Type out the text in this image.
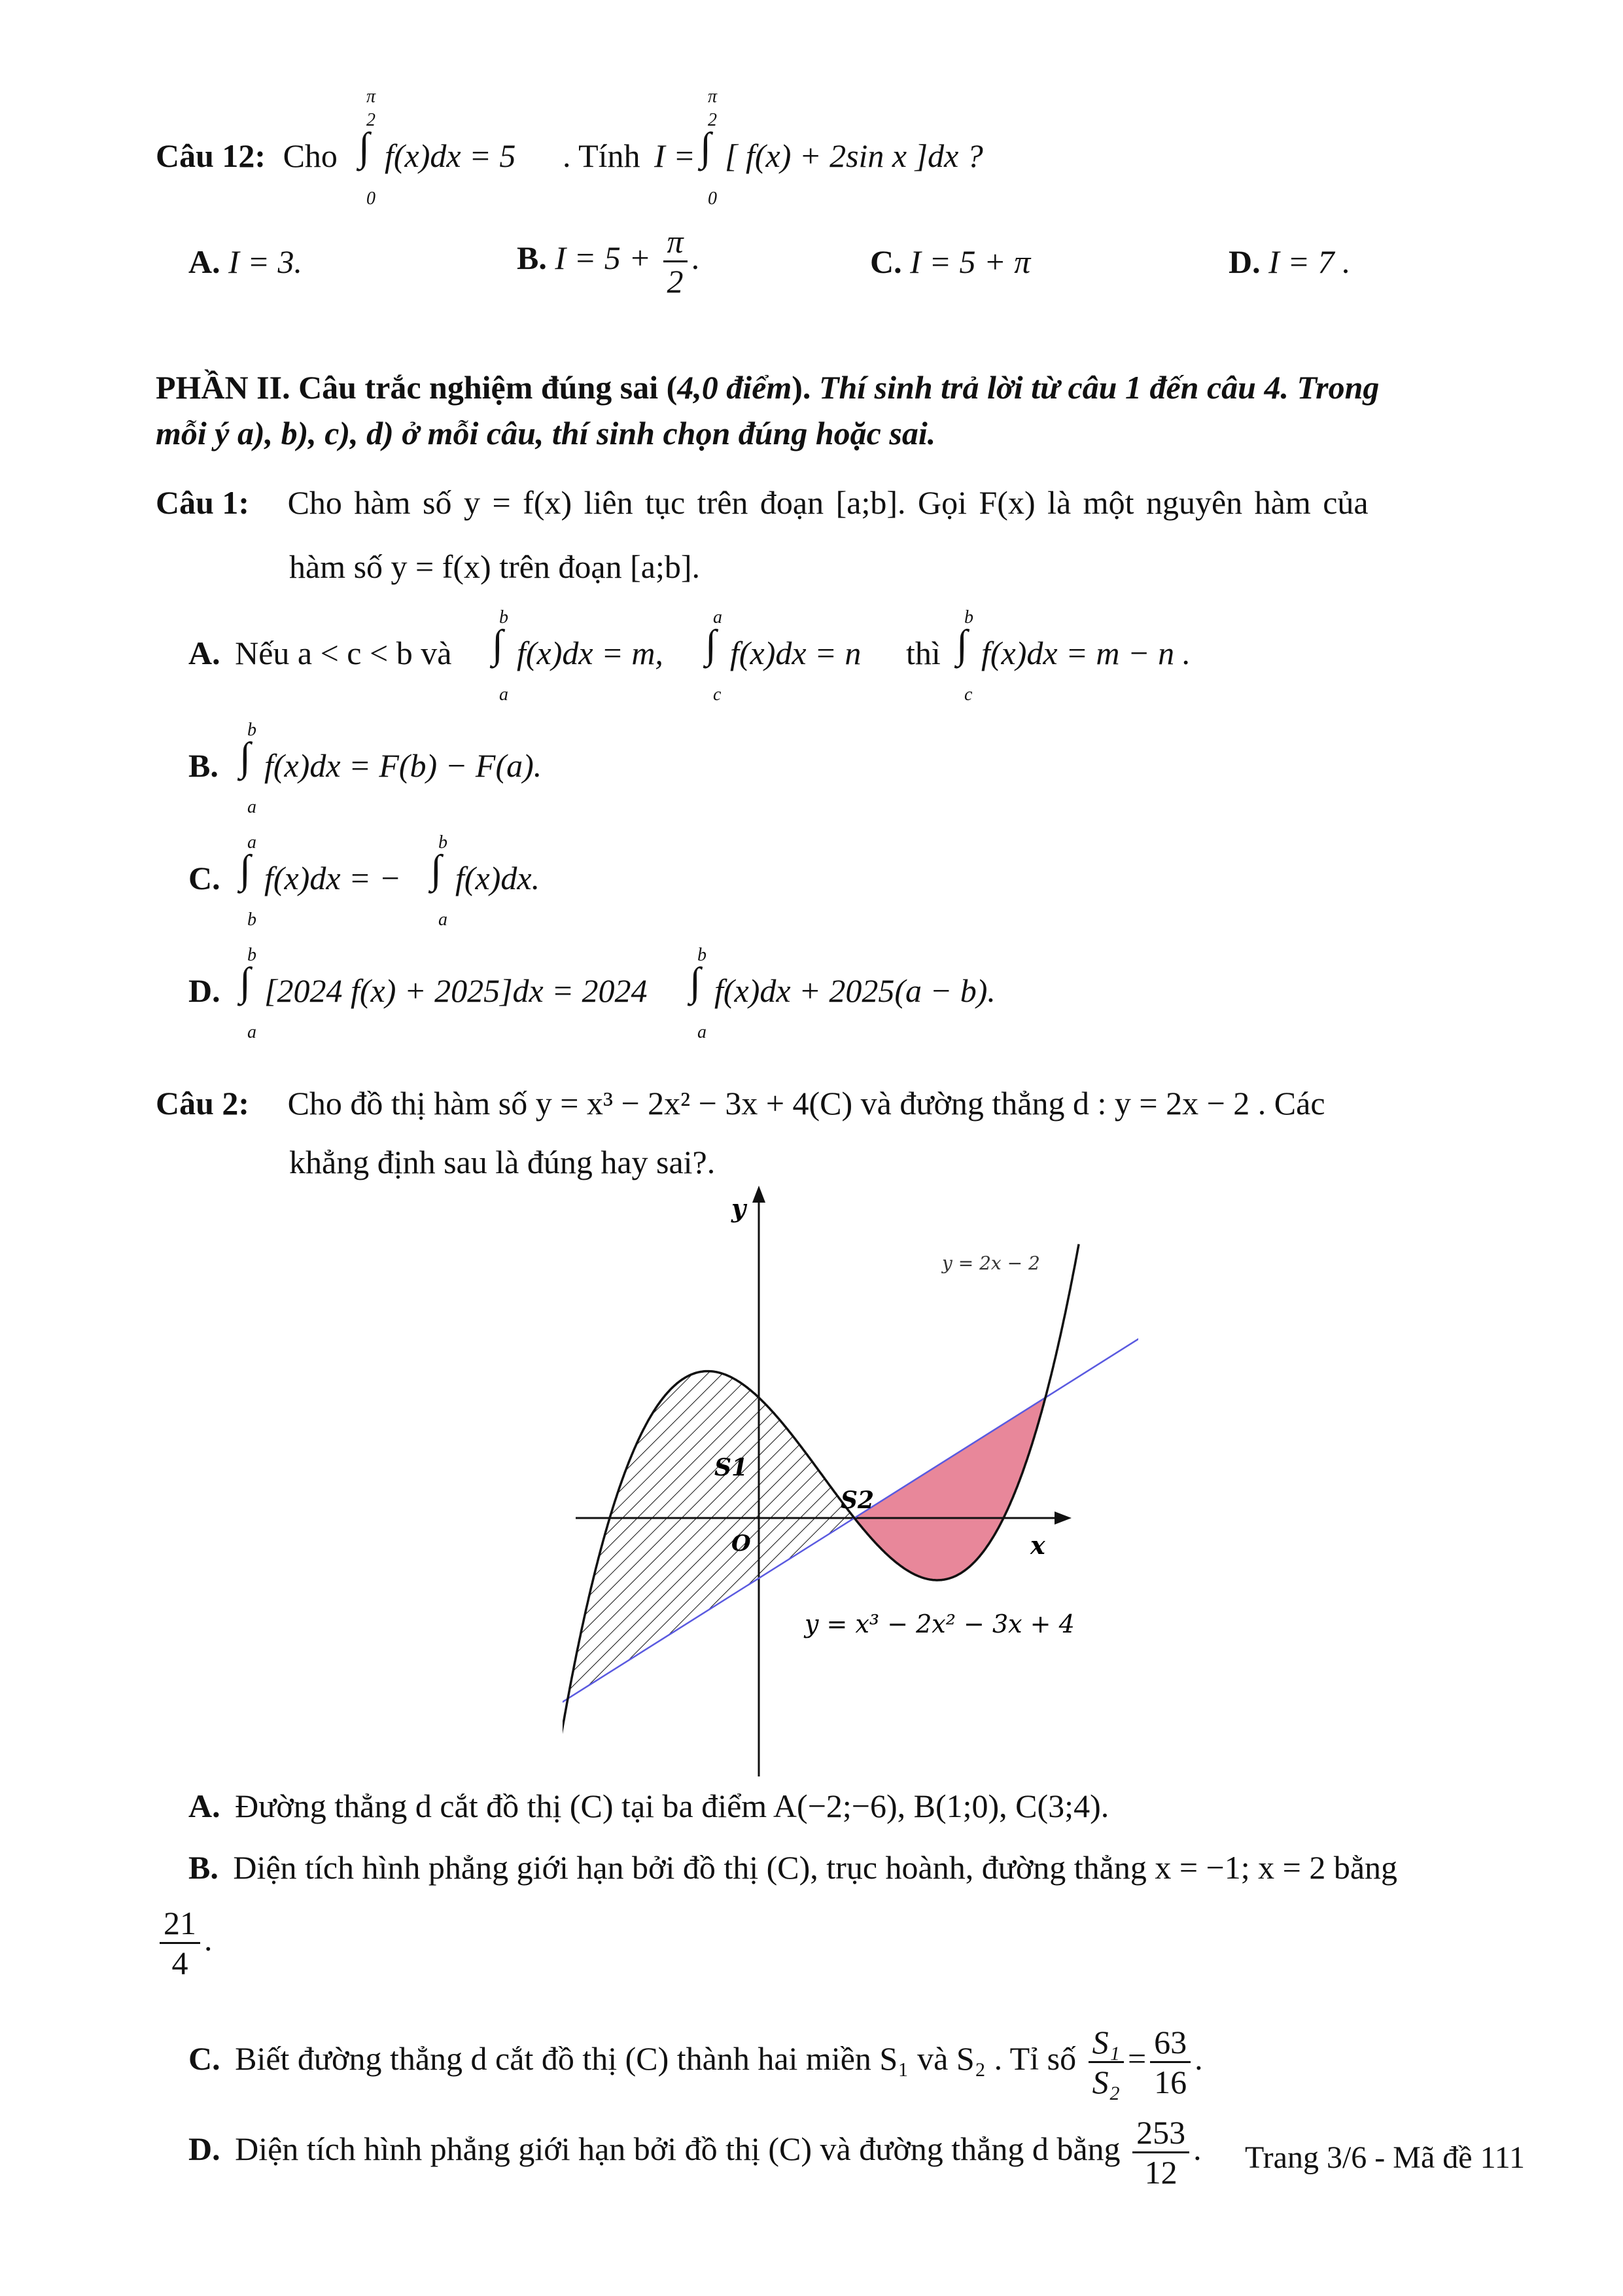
Câu 12: Cho
π
2
∫
0
f(x)dx = 5 . Tính I =
π
2
∫
0
[ f(x) + 2sin x ]dx ?
A. I = 3.	B. $I = 5 + \frac{\pi}{2}$ .	C. I = 5 + π	D. I = 7 .
PHẦN II. Câu trắc nghiệm đúng sai (4,0 điểm). Thí sinh trả lời từ câu 1 đến câu 4. Trong
mỗi ý a), b), c), d) ở mỗi câu, thí sinh chọn đúng hoặc sai.
Câu 1: Cho hàm số y = f(x) liên tục trên đoạn [a;b]. Gọi F(x) là một nguyên hàm của
hàm số y = f(x) trên đoạn [a;b].
A. Nếu a < c < b và
b
∫
a
f(x)dx = m,
a
∫
c
f(x)dx = n thì
b
∫
c
f(x)dx = m − n .
B.
b
∫
a
f(x)dx = F(b) − F(a).
C.
a
∫
b
f(x)dx = −
b
∫
a
f(x)dx.
D.
b
∫
a
[2024 f(x) + 2025]dx = 2024
b
∫
a
f(x)dx + 2025(a − b).
Câu 2: Cho đồ thị hàm số y = x³ − 2x² − 3x + 4(C) và đường thẳng d : y = 2x − 2 . Các
khẳng định sau là đúng hay sai?.
y
x
O
S1
S2
y = 2x − 2
y = x³ − 2x² − 3x + 4
A. Đường thẳng d cắt đồ thị (C) tại ba điểm A(−2;−6), B(1;0), C(3;4).
B. Diện tích hình phẳng giới hạn bởi đồ thị (C), trục hoành, đường thẳng x = −1; x = 2 bằng
$\frac{21}{4}$ .
C. Biết đường thẳng d cắt đồ thị (C) thành hai miền S₁ và S₂ . Tỉ số $\frac{\text{S₁}}{\text{S₂}} = \frac{63}{16}$ .
D. Diện tích hình phẳng giới hạn bởi đồ thị (C) và đường thẳng d bằng $\frac{253}{12}$ . Trang 3/6 - Mã đề 111
